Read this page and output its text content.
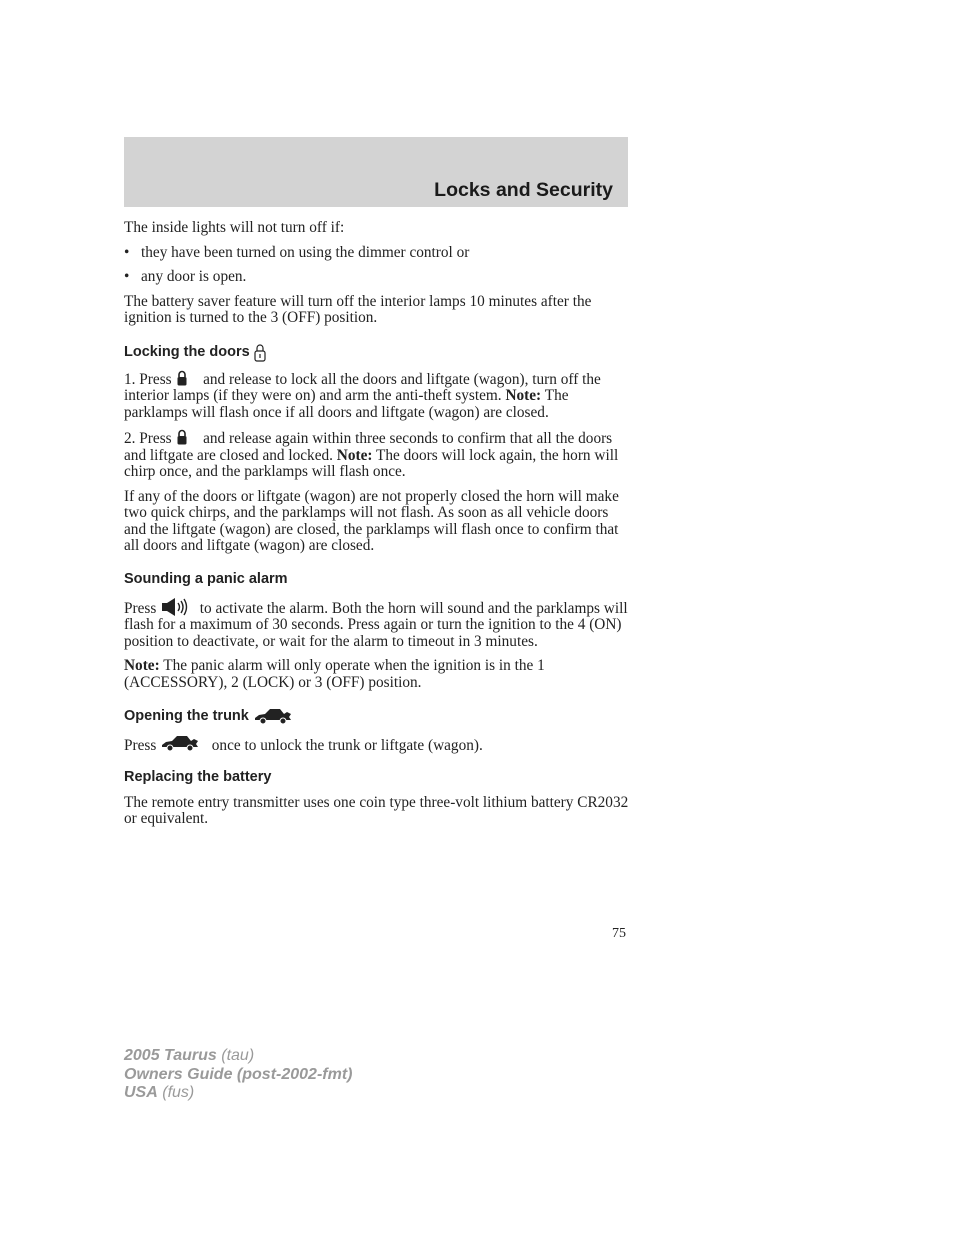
Locks and Security

The inside lights will not turn off if:

• they have been turned on using the dimmer control or
• any door is open.

The battery saver feature will turn off the interior lamps 10 minutes after the ignition is turned to the 3 (OFF) position.

Locking the doors

1. Press and release to lock all the doors and liftgate (wagon), turn off the interior lamps (if they were on) and arm the anti-theft system. Note: The parklamps will flash once if all doors and liftgate (wagon) are closed.

2. Press and release again within three seconds to confirm that all the doors and liftgate are closed and locked. Note: The doors will lock again, the horn will chirp once, and the parklamps will flash once.

If any of the doors or liftgate (wagon) are not properly closed the horn will make two quick chirps, and the parklamps will not flash. As soon as all vehicle doors and the liftgate (wagon) are closed, the parklamps will flash once to confirm that all doors and liftgate (wagon) are closed.

Sounding a panic alarm

Press	to activate the alarm. Both the horn will sound and the parklamps will flash for a maximum of 30 seconds. Press again or turn the ignition to the 4 (ON) position to deactivate, or wait for the alarm to timeout in 3 minutes.

Note: The panic alarm will only operate when the ignition is in the 1 (ACCESSORY), 2 (LOCK) or 3 (OFF) position.

Opening the trunk

Press	once to unlock the trunk or liftgate (wagon).

Replacing the battery

The remote entry transmitter uses one coin type three-volt lithium battery CR2032 or equivalent.

75
2005 Taurus (tau)
Owners Guide (post-2002-fmt)
USA (fus)
